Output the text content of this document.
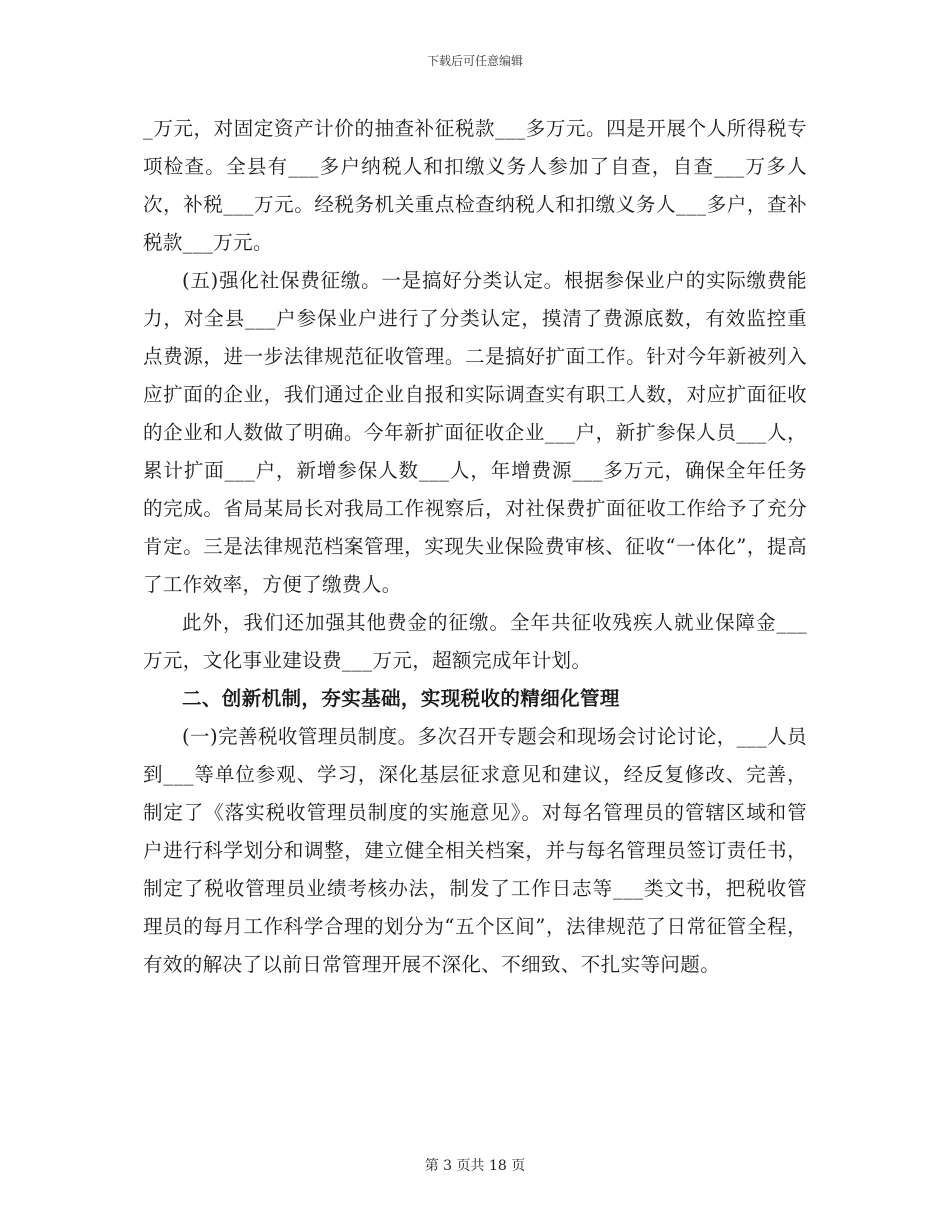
下载后可任意编辑

_万元，对固定资产计价的抽查补征税款___多万元。四是开展个人所得税专项检查。全县有___多户纳税人和扣缴义务人参加了自查，自查___万多人次，补税___万元。经税务机关重点检查纳税人和扣缴义务人___多户，查补税款___万元。

(五)强化社保费征缴。一是搞好分类认定。根据参保业户的实际缴费能力，对全县___户参保业户进行了分类认定，摸清了费源底数，有效监控重点费源，进一步法律规范征收管理。二是搞好扩面工作。针对今年新被列入应扩面的企业，我们通过企业自报和实际调查实有职工人数，对应扩面征收的企业和人数做了明确。今年新扩面征收企业___户，新扩参保人员___人，累计扩面___户，新增参保人数___人，年增费源___多万元，确保全年任务的完成。省局某局长对我局工作视察后，对社保费扩面征收工作给予了充分肯定。三是法律规范档案管理，实现失业保险费审核、征收“一体化”，提高了工作效率，方便了缴费人。

此外，我们还加强其他费金的征缴。全年共征收残疾人就业保障金___万元，文化事业建设费___万元，超额完成年计划。

二、创新机制，夯实基础，实现税收的精细化管理

(一)完善税收管理员制度。多次召开专题会和现场会讨论讨论，___人员到___等单位参观、学习，深化基层征求意见和建议，经反复修改、完善，制定了《落实税收管理员制度的实施意见》。对每名管理员的管辖区域和管户进行科学划分和调整，建立健全相关档案，并与每名管理员签订责任书，制定了税收管理员业绩考核办法，制发了工作日志等___类文书，把税收管理员的每月工作科学合理的划分为“五个区间”，法律规范了日常征管全程，有效的解决了以前日常管理开展不深化、不细致、不扎实等问题。

第 3 页共 18 页
